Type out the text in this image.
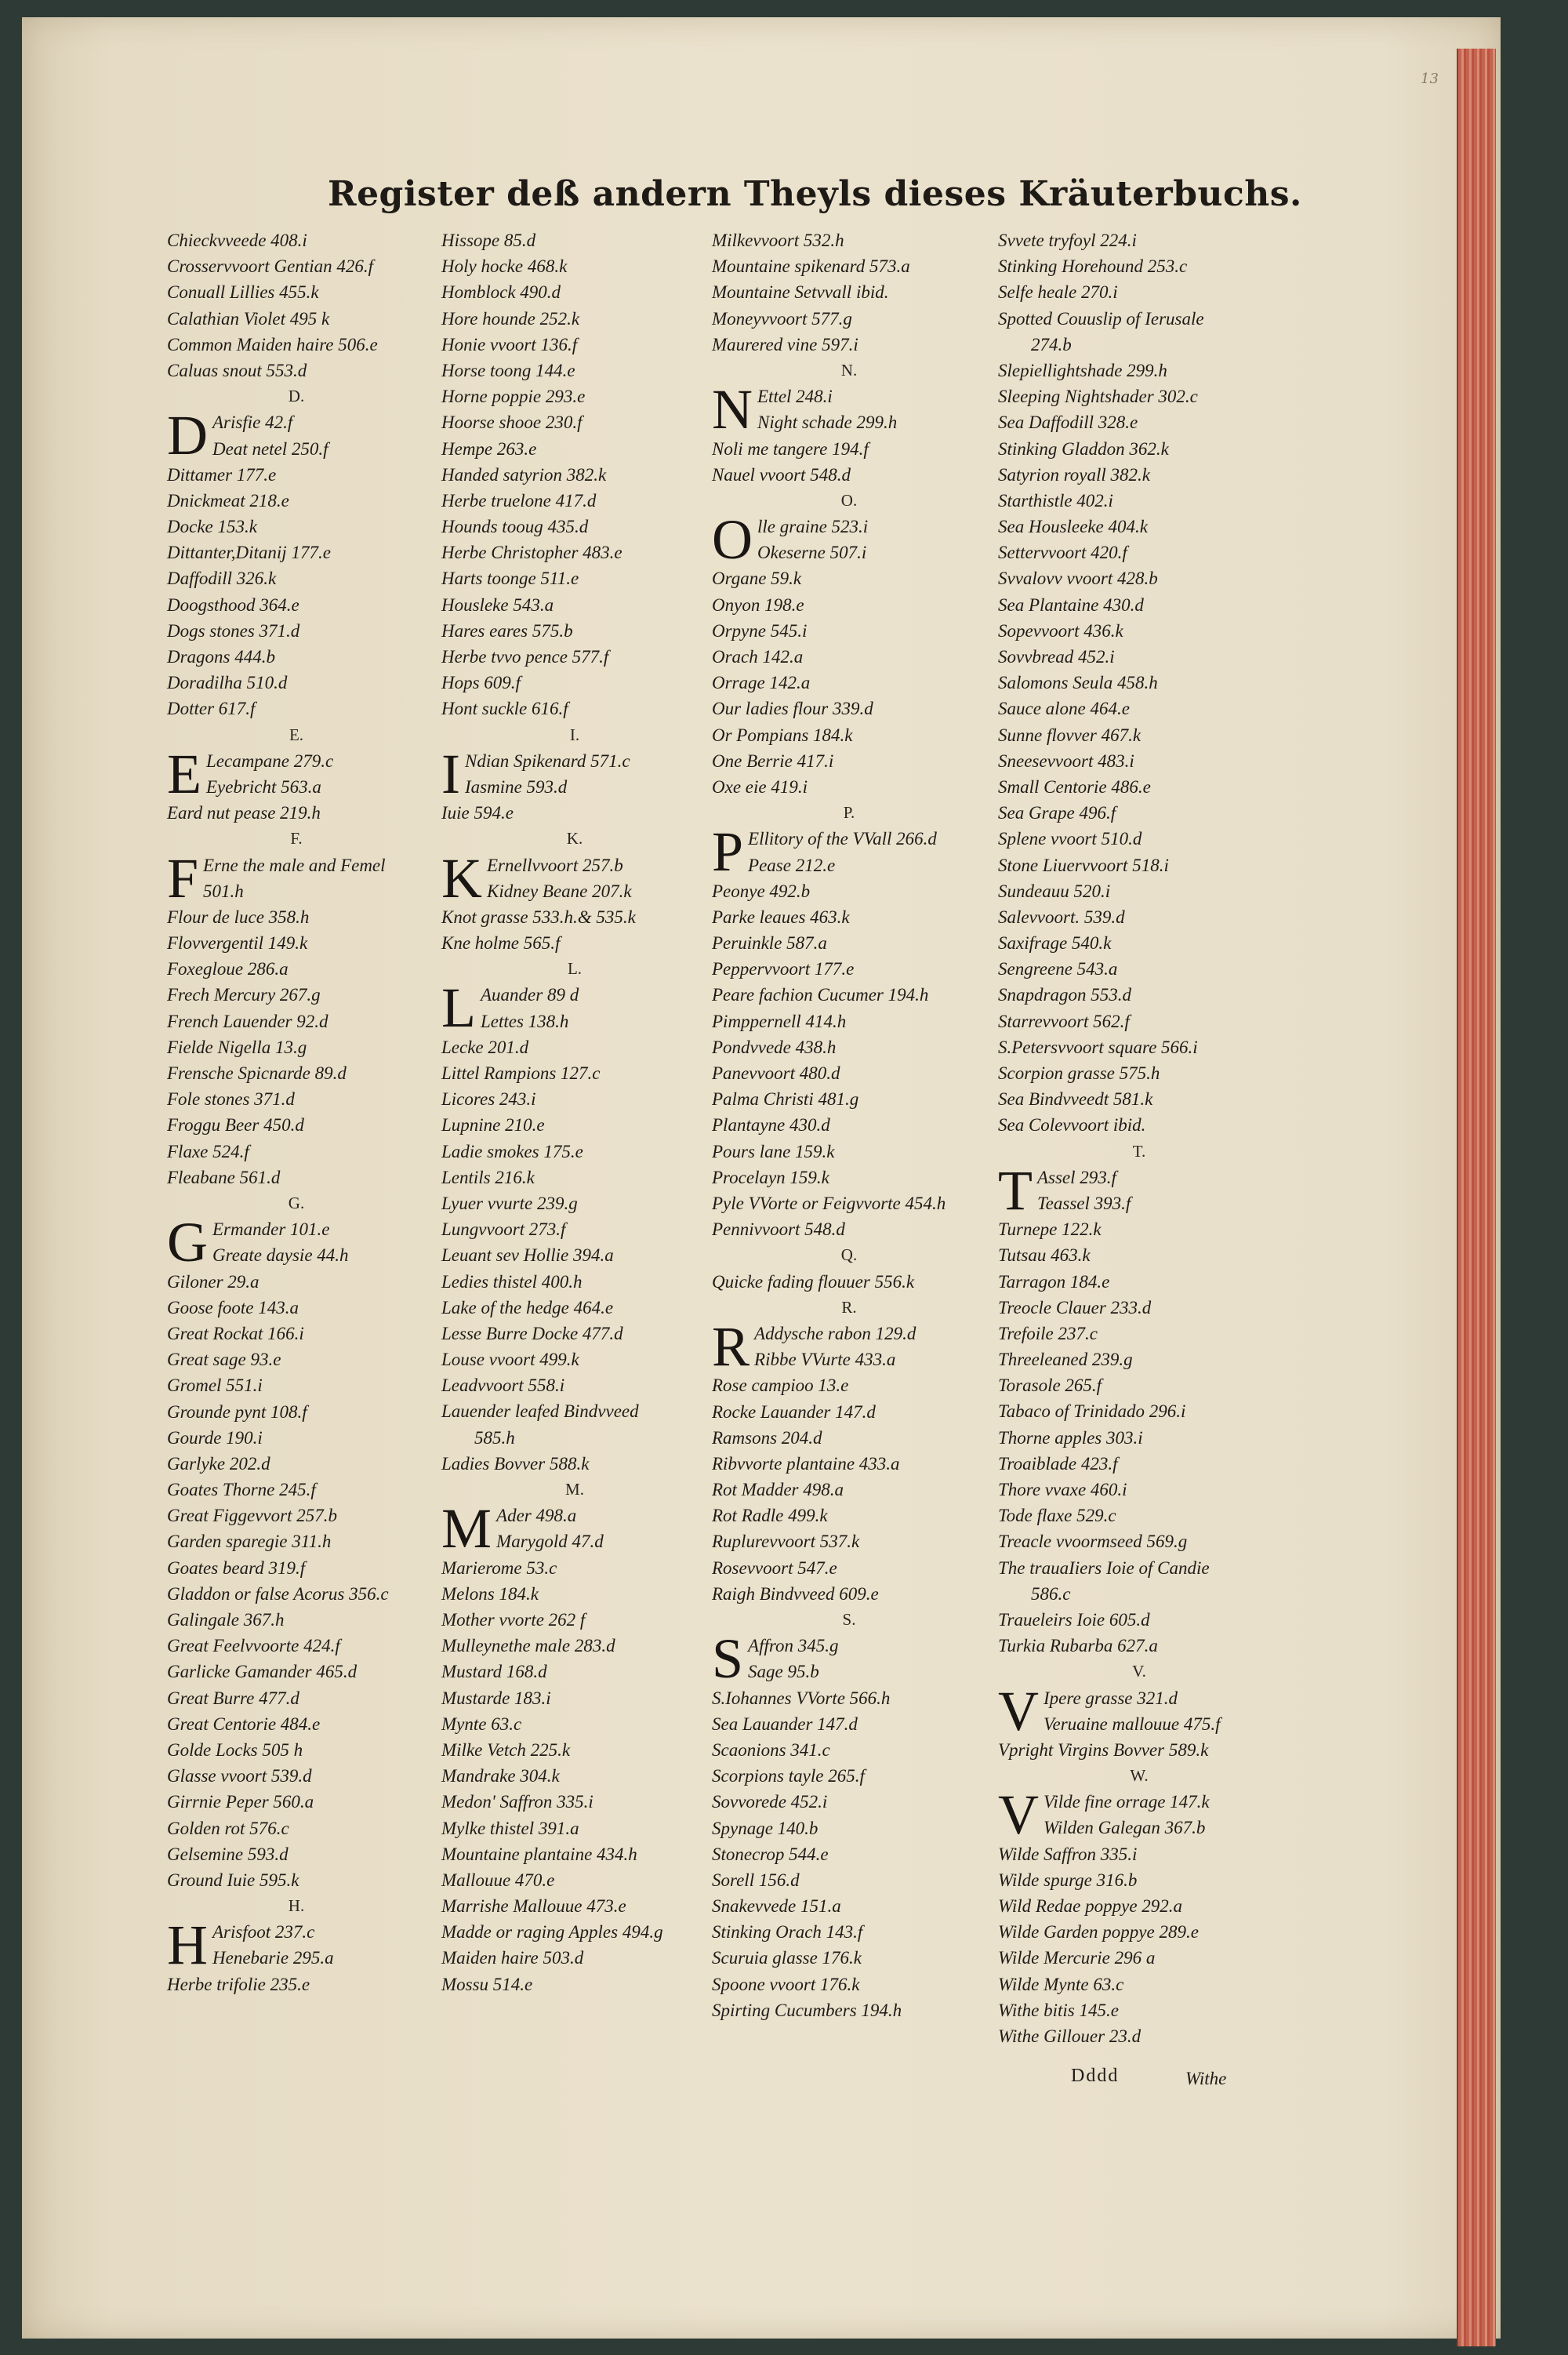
13
Register deß andern Theyls dieses Kräuterbuchs.
Chieckvveede 408.i
Crosservvoort Gentian 426.f
Conuall Lillies 455.k
Calathian Violet 495 k
Common Maiden haire 506.e
Caluas snout 553.d
D.
D Arisfie 42.f
Deat netel 250.f
Dittamer 177.e
Dnickmeat 218.e
Docke 153.k
Dittanter,Ditanij 177.e
Daffodill 326.k
Doogsthood 364.e
Dogs stones 371.d
Dragons 444.b
Doradilha 510.d
Dotter 617.f
E.
E Lecampane 279.c
Eyebricht 563.a
Eard nut pease 219.h
F.
F Erne the male and Femel
501.h
Flour de luce 358.h
Flovvergentil 149.k
Foxegloue 286.a
Frech Mercury 267.g
French Lauender 92.d
Fielde Nigella 13.g
Frensche Spicnarde 89.d
Fole stones 371.d
Froggu Beer 450.d
Flaxe 524.f
Fleabane 561.d
G.
G Ermander 101.e
Greate daysie 44.h
Giloner 29.a
Goose foote 143.a
Great Rockat 166.i
Great sage 93.e
Gromel 551.i
Grounde pynt 108.f
Gourde 190.i
Garlyke 202.d
Goates Thorne 245.f
Great Figgevvort 257.b
Garden sparegie 311.h
Goates beard 319.f
Gladdon or false Acorus 356.c
Galingale 367.h
Great Feelvvoorte 424.f
Garlicke Gamander 465.d
Great Burre 477.d
Great Centorie 484.e
Golde Locks 505 h
Glasse vvoort 539.d
Girrnie Peper 560.a
Golden rot 576.c
Gelsemine 593.d
Ground Iuie 595.k
H.
H Arisfoot 237.c
Henebarie 295.a
Herbe trifolie 235.e
Hissope 85.d
Holy hocke 468.k
Homblock 490.d
Hore hounde 252.k
Honie vvoort 136.f
Horse toong 144.e
Horne poppie 293.e
Hoorse shooe 230.f
Hempe 263.e
Handed satyrion 382.k
Herbe truelone 417.d
Hounds tooug 435.d
Herbe Christopher 483.e
Harts toonge 511.e
Housleke 543.a
Hares eares 575.b
Herbe tvvo pence 577.f
Hops 609.f
Hont suckle 616.f
I.
I Ndian Spikenard 571.c
Iasmine 593.d
Iuie 594.e
K.
K Ernellvvoort 257.b
Kidney Beane 207.k
Knot grasse 533.h.& 535.k
Kne holme 565.f
L.
L Auander 89 d
Lettes 138.h
Lecke 201.d
Littel Rampions 127.c
Licores 243.i
Lupnine 210.e
Ladie smokes 175.e
Lentils 216.k
Lyuer vvurte 239.g
Lungvvoort 273.f
Leuant sev Hollie 394.a
Ledies thistel 400.h
Lake of the hedge 464.e
Lesse Burre Docke 477.d
Louse vvoort 499.k
Leadvvoort 558.i
Lauender leafed Bindvveed
585.h
Ladies Bovver 588.k
M.
M Ader 498.a
Marygold 47.d
Marierome 53.c
Melons 184.k
Mother vvorte 262 f
Mulleynethe male 283.d
Mustard 168.d
Mustarde 183.i
Mynte 63.c
Milke Vetch 225.k
Mandrake 304.k
Medon' Saffron 335.i
Mylke thistel 391.a
Mountaine plantaine 434.h
Mallouue 470.e
Marrishe Mallouue 473.e
Madde or raging Apples 494.g
Maiden haire 503.d
Mossu 514.e
Milkevvoort 532.h
Mountaine spikenard 573.a
Mountaine Setvvall ibid.
Moneyvvoort 577.g
Maurered vine 597.i
N.
N Ettel 248.i
Night schade 299.h
Noli me tangere 194.f
Nauel vvoort 548.d
O.
O lle graine 523.i
Okeserne 507.i
Organe 59.k
Onyon 198.e
Orpyne 545.i
Orach 142.a
Orrage 142.a
Our ladies flour 339.d
Or Pompians 184.k
One Berrie 417.i
Oxe eie 419.i
P.
P Ellitory of the VVall 266.d
Pease 212.e
Peonye 492.b
Parke leaues 463.k
Peruinkle 587.a
Peppervvoort 177.e
Peare fachion Cucumer 194.h
Pimppernell 414.h
Pondvvede 438.h
Panevvoort 480.d
Palma Christi 481.g
Plantayne 430.d
Pours lane 159.k
Procelayn 159.k
Pyle VVorte or Feigvvorte 454.h
Pennivvoort 548.d
Q.
Quicke fading flouuer 556.k
R.
R Addysche rabon 129.d
Ribbe VVurte 433.a
Rose campioo 13.e
Rocke Lauander 147.d
Ramsons 204.d
Ribvvorte plantaine 433.a
Rot Madder 498.a
Rot Radle 499.k
Ruplurevvoort 537.k
Rosevvoort 547.e
Raigh Bindvveed 609.e
S.
S Affron 345.g
Sage 95.b
S.Iohannes VVorte 566.h
Sea Lauander 147.d
Scaonions 341.c
Scorpions tayle 265.f
Sovvorede 452.i
Spynage 140.b
Stonecrop 544.e
Sorell 156.d
Snakevvede 151.a
Stinking Orach 143.f
Scuruia glasse 176.k
Spoone vvoort 176.k
Spirting Cucumbers 194.h
Svvete tryfoyl 224.i
Stinking Horehound 253.c
Selfe heale 270.i
Spotted Couuslip of Ierusale
274.b
Slepiellightshade 299.h
Sleeping Nightshader 302.c
Sea Daffodill 328.e
Stinking Gladdon 362.k
Satyrion royall 382.k
Starthistle 402.i
Sea Housleeke 404.k
Settervvoort 420.f
Svvalovv vvoort 428.b
Sea Plantaine 430.d
Sopevvoort 436.k
Sovvbread 452.i
Salomons Seula 458.h
Sauce alone 464.e
Sunne flovver 467.k
Sneesevvoort 483.i
Small Centorie 486.e
Sea Grape 496.f
Splene vvoort 510.d
Stone Liuervvoort 518.i
Sundeauu 520.i
Salevvoort. 539.d
Saxifrage 540.k
Sengreene 543.a
Snapdragon 553.d
Starrevvoort 562.f
S.Petersvvoort square 566.i
Scorpion grasse 575.h
Sea Bindvveedt 581.k
Sea Colevvoort ibid.
T.
T Assel 293.f
Teassel 393.f
Turnepe 122.k
Tutsau 463.k
Tarragon 184.e
Treocle Clauer 233.d
Trefoile 237.c
Threeleaned 239.g
Torasole 265.f
Tabaco of Trinidado 296.i
Thorne apples 303.i
Troaiblade 423.f
Thore vvaxe 460.i
Tode flaxe 529.c
Treacle vvoormseed 569.g
The trauaIiers Ioie of Candie
586.c
Traueleirs Ioie 605.d
Turkia Rubarba 627.a
V.
V Ipere grasse 321.d
Veruaine mallouue 475.f
Vpright Virgins Bovver 589.k
W.
V Vilde fine orrage 147.k
Wilden Galegan 367.b
Wilde Saffron 335.i
Wilde spurge 316.b
Wild Redae poppye 292.a
Wilde Garden poppye 289.e
Wilde Mercurie 296 a
Wilde Mynte 63.c
Withe bitis 145.e
Withe Gillouer 23.d
Dddd	Withe
